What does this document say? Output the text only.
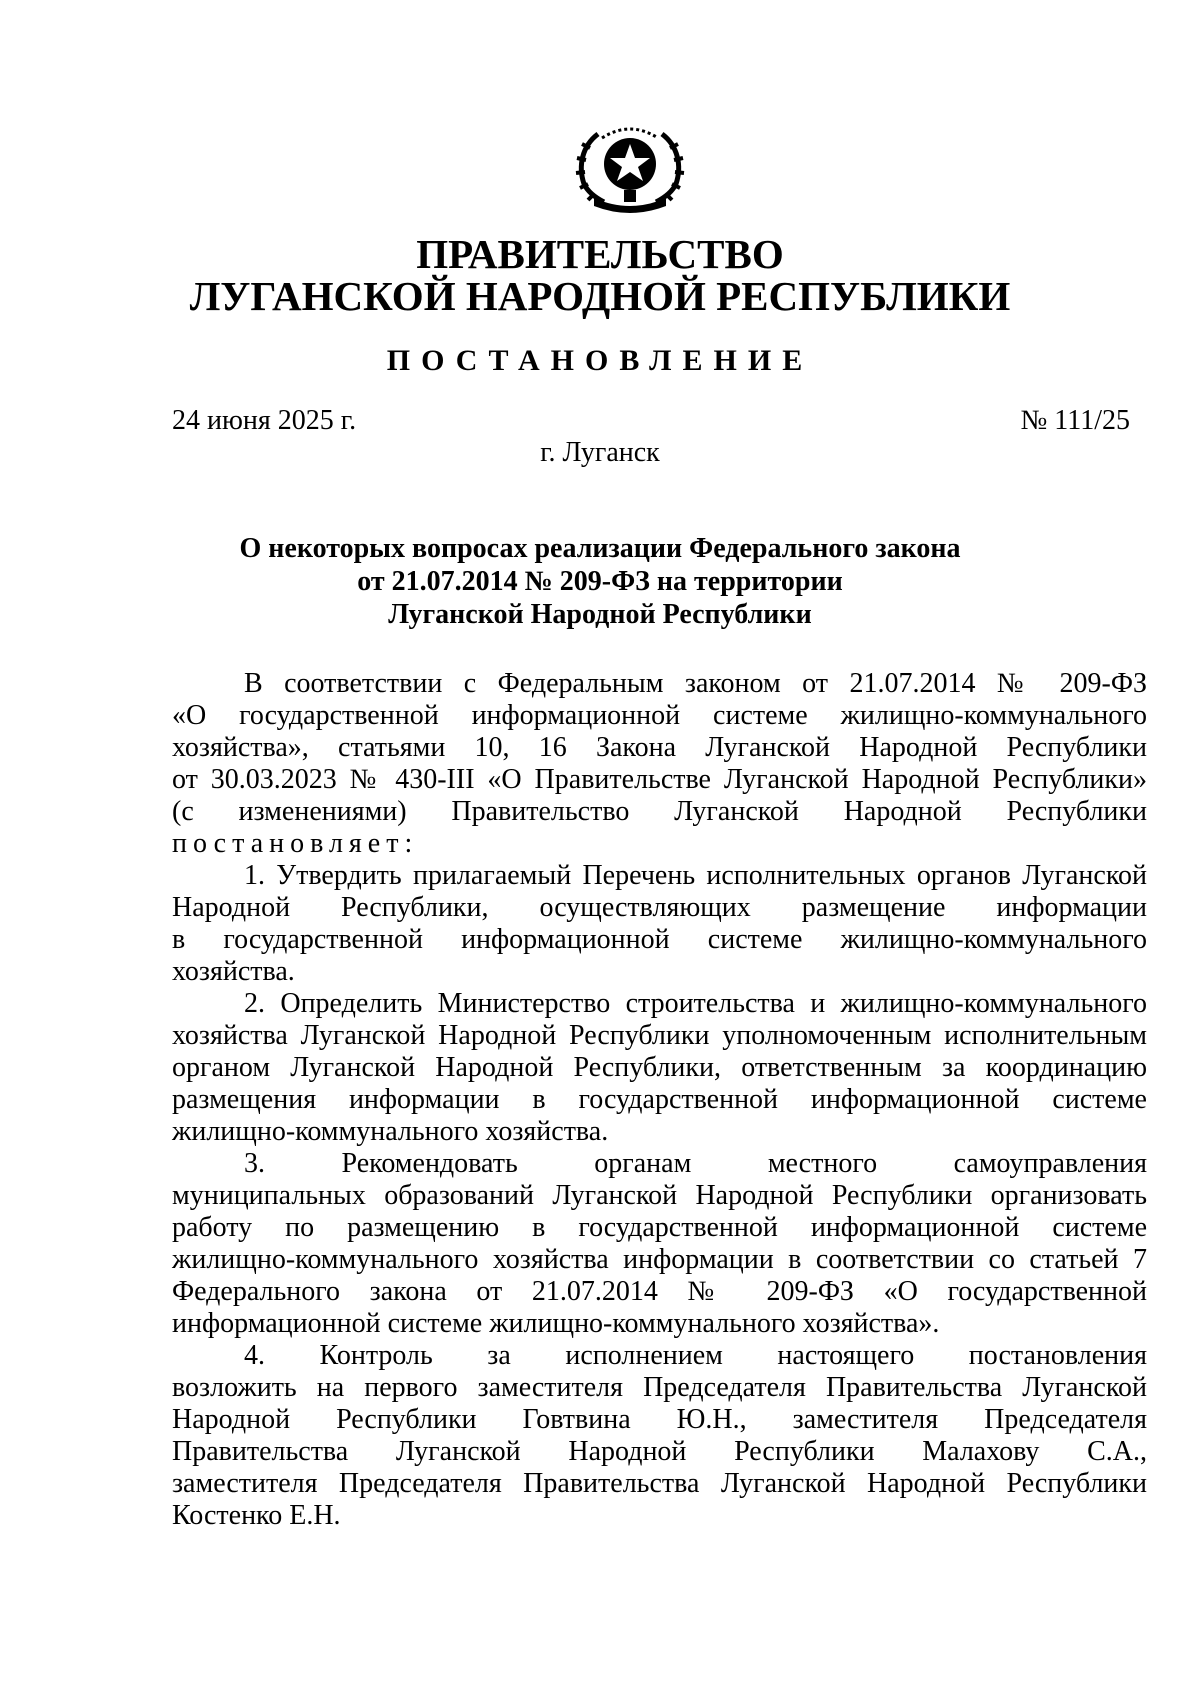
ПРАВИТЕЛЬСТВО
ЛУГАНСКОЙ НАРОДНОЙ РЕСПУБЛИКИ
ПОСТАНОВЛЕНИЕ
24 июня 2025 г.	№ 111/25
г. Луганск
О некоторых вопросах реализации Федерального закона
от 21.07.2014 № 209-ФЗ на территории
Луганской Народной Республики
В соответствии с Федеральным законом от 21.07.2014 № 209-ФЗ
«О государственной информационной системе жилищно-коммунального
хозяйства», статьями 10, 16 Закона Луганской Народной Республики
от 30.03.2023 № 430-III «О Правительстве Луганской Народной Республики»
(с изменениями) Правительство Луганской Народной Республики
постановляет:
1. Утвердить прилагаемый Перечень исполнительных органов Луганской
Народной Республики, осуществляющих размещение информации
в государственной информационной системе жилищно-коммунального
хозяйства.
2. Определить Министерство строительства и жилищно-коммунального
хозяйства Луганской Народной Республики уполномоченным исполнительным
органом Луганской Народной Республики, ответственным за координацию
размещения информации в государственной информационной системе
жилищно-коммунального хозяйства.
3. Рекомендовать органам местного самоуправления
муниципальных образований Луганской Народной Республики организовать
работу по размещению в государственной информационной системе
жилищно-коммунального хозяйства информации в соответствии со статьей 7
Федерального закона от 21.07.2014 № 209-ФЗ «О государственной
информационной системе жилищно-коммунального хозяйства».
4. Контроль за исполнением настоящего постановления
возложить на первого заместителя Председателя Правительства Луганской
Народной Республики Говтвина Ю.Н., заместителя Председателя
Правительства Луганской Народной Республики Малахову С.А.,
заместителя Председателя Правительства Луганской Народной Республики
Костенко Е.Н.
